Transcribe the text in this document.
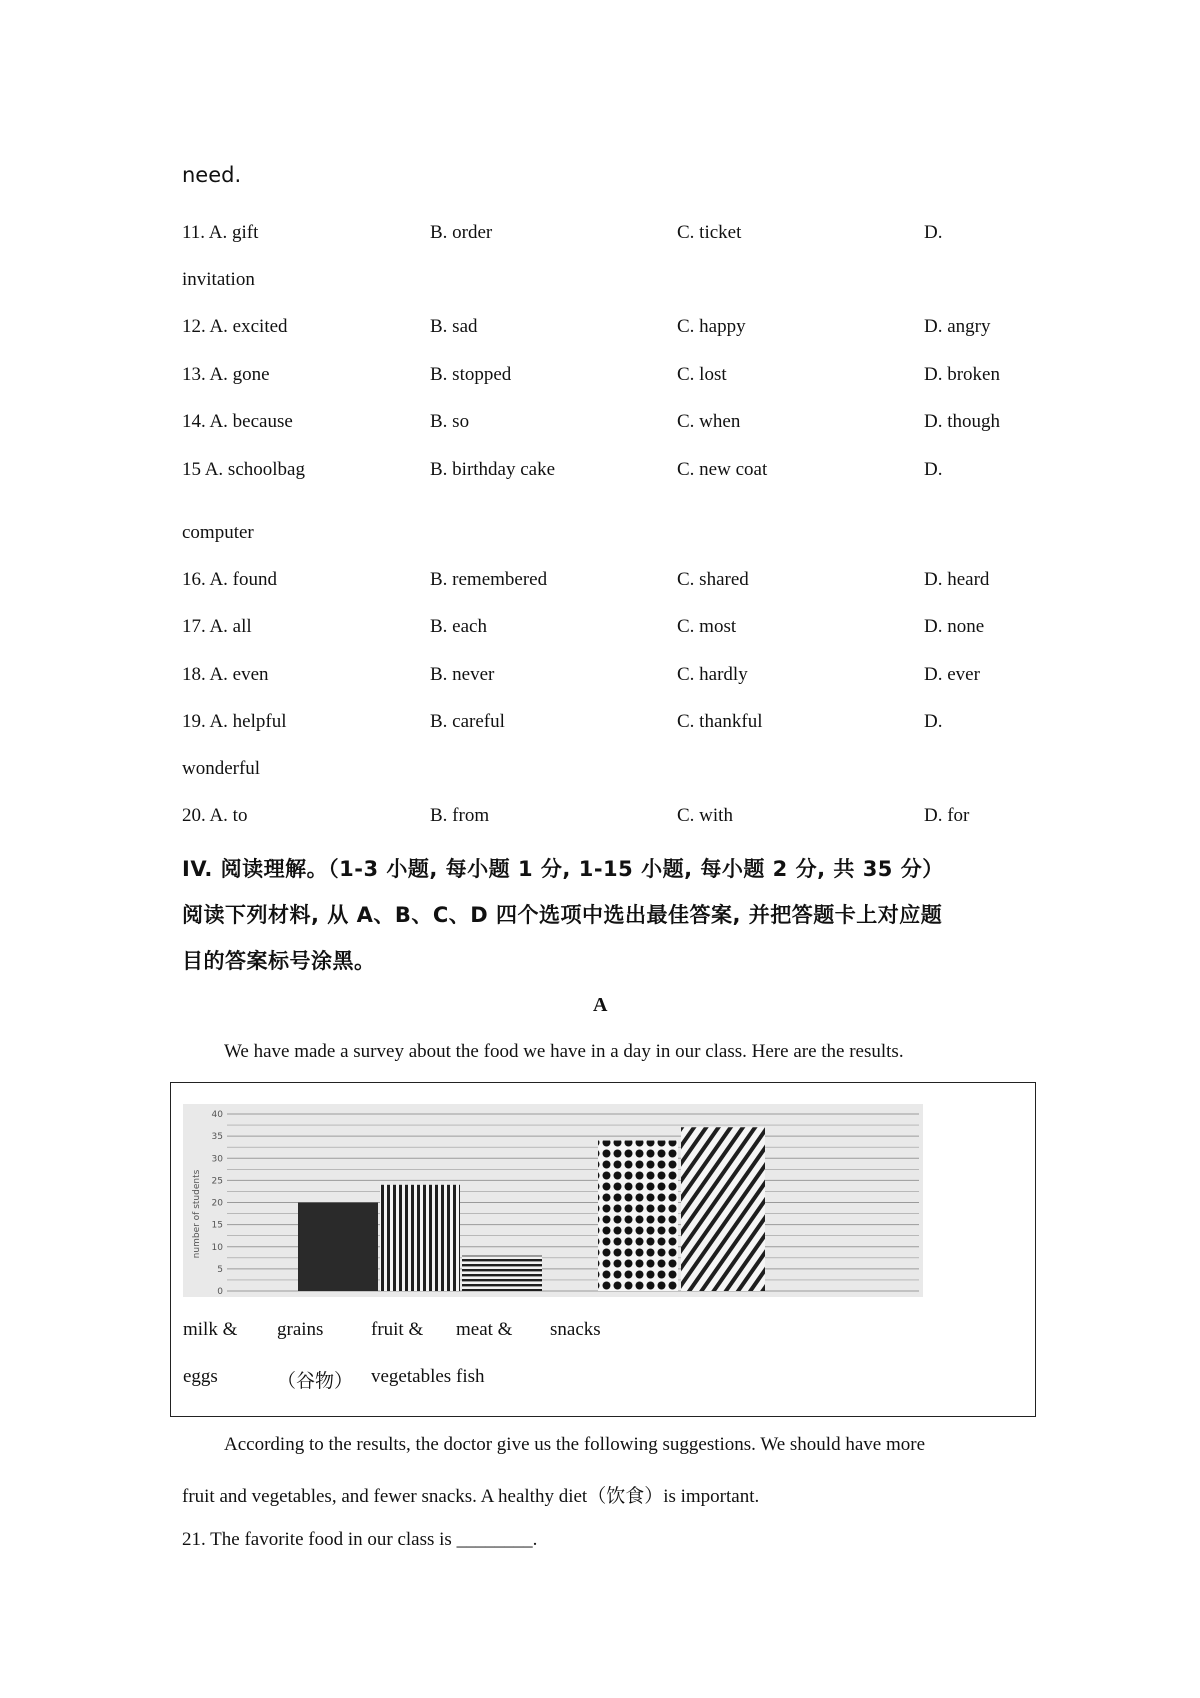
need.
11. A. gift	B. order	C. ticket	D.
invitation
12. A. excited	B. sad	C. happy	D. angry
13. A. gone	B. stopped	C. lost	D. broken
14. A. because	B. so	C. when	D. though
15 A. schoolbag	B. birthday cake	C. new coat	D.
computer
16. A. found	B. remembered	C. shared	D. heard
17. A. all	B. each	C. most	D. none
18. A. even	B. never	C. hardly	D. ever
19. A. helpful	B. careful	C. thankful	D.
wonderful
20. A. to	B. from	C. with	D. for
IV. 阅读理解。（1-3 小题, 每小题 1 分, 1-15 小题, 每小题 2 分, 共 35 分）
阅读下列材料, 从 A、B、C、D 四个选项中选出最佳答案, 并把答题卡上对应题
目的答案标号涂黑。
A
We have made a survey about the food we have in a day in our class. Here are the results.
0
5
10
15
20
25
30
35
40
number of students
milk & grains	fruit & meat & snacks
eggs	（谷物） vegetables fish
According to the results, the doctor give us the following suggestions. We should have more
fruit and vegetables, and fewer snacks. A healthy diet（饮食）is important.
21. The favorite food in our class is ________.
